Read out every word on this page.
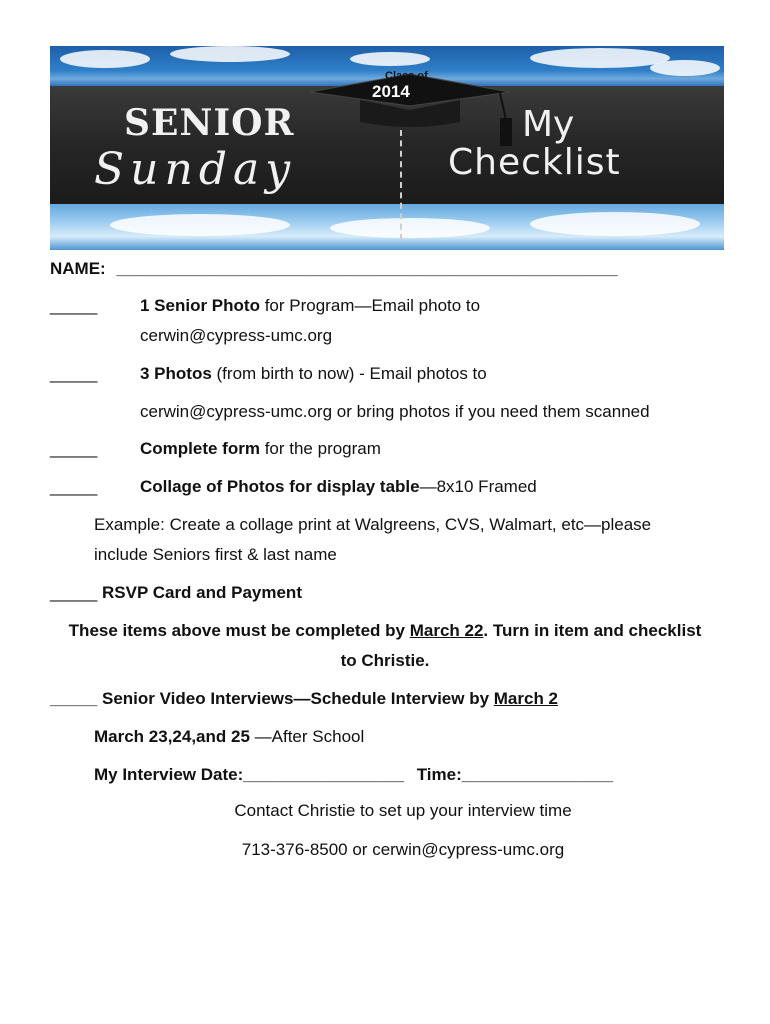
Class of
2014
SENIOR
Sunday
My
Checklist
NAME: _____________________________________________________
_____	1 Senior Photo for Program—Email photo to
cerwin@cypress-umc.org
_____	3 Photos (from birth to now) - Email photos to
cerwin@cypress-umc.org or bring photos if you need them scanned
_____	Complete form for the program
_____	Collage of Photos for display table—8x10 Framed
Example: Create a collage print at Walgreens, CVS, Walmart, etc—please
include Seniors first & last name
_____ RSVP Card and Payment
These items above must be completed by March 22. Turn in item and checklist
to Christie.
_____ Senior Video Interviews—Schedule Interview by March 2
March 23,24,and 25 —After School
My Interview Date:_________________ Time:________________
Contact Christie to set up your interview time
713-376-8500 or cerwin@cypress-umc.org
